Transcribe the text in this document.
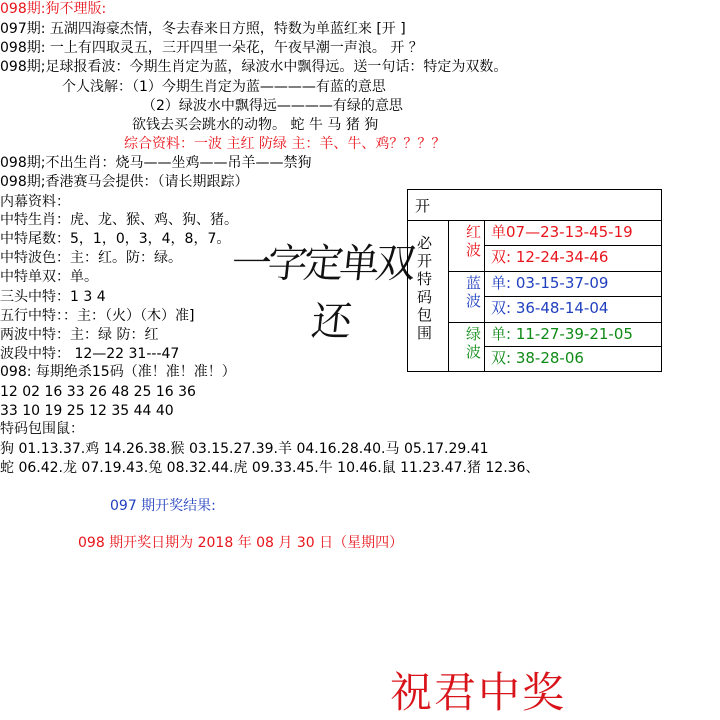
098期:狗不理版:
097期: 五湖四海豪杰情，冬去春来日方照，特数为单蓝红来 [开 ]
098期: 一上有四取灵五，三开四里一朵花，午夜早潮一声浪。 开 ？
098期;足球报看波：今期生肖定为蓝，绿波水中飘得远。送一句话：特定为双数。
个人浅解：（1）今期生肖定为蓝————有蓝的意思
（2）绿波水中飘得远————有绿的意思
欲钱去买会跳水的动物。 蛇 牛 马 猪 狗
综合资料：一波 主红 防绿 主：羊、牛、鸡？？？？
098期;不出生肖：烧马——坐鸡——吊羊——禁狗
098期;香港赛马会提供：（请长期跟踪）
内幕资料：
中特生肖：虎、龙、猴、鸡、狗、猪。
中特尾数：5，1，0，3，4，8，7。
中特波色：主：红。防：绿。
中特单双：单。
三头中特：1 3 4
五行中特：：主：（火）（木）准]
两波中特：主：绿 防：红
波段中特： 12—22 31---47
098: 每期绝杀15码（准！准！准！）
12 02 16 33 26 48 25 16 36
33 10 19 25 12 35 44 40
特码包围鼠：
狗 01.13.37.鸡 14.26.38.猴 03.15.27.39.羊 04.16.28.40.马 05.17.29.41
蛇 06.42.龙 07.19.43.兔 08.32.44.虎 09.33.45.牛 10.46.鼠 11.23.47.猪 12.36、
一字定单双
还
开
必开特码包围	红波 单07—23-13-45-19
双: 12-24-34-46
蓝波 单: 03-15-37-09
双: 36-48-14-04
绿波 单: 11-27-39-21-05
双: 38-28-06
097 期开奖结果:
098 期开奖日期为 2018 年 08 月 30 日（星期四）
祝君中奖
